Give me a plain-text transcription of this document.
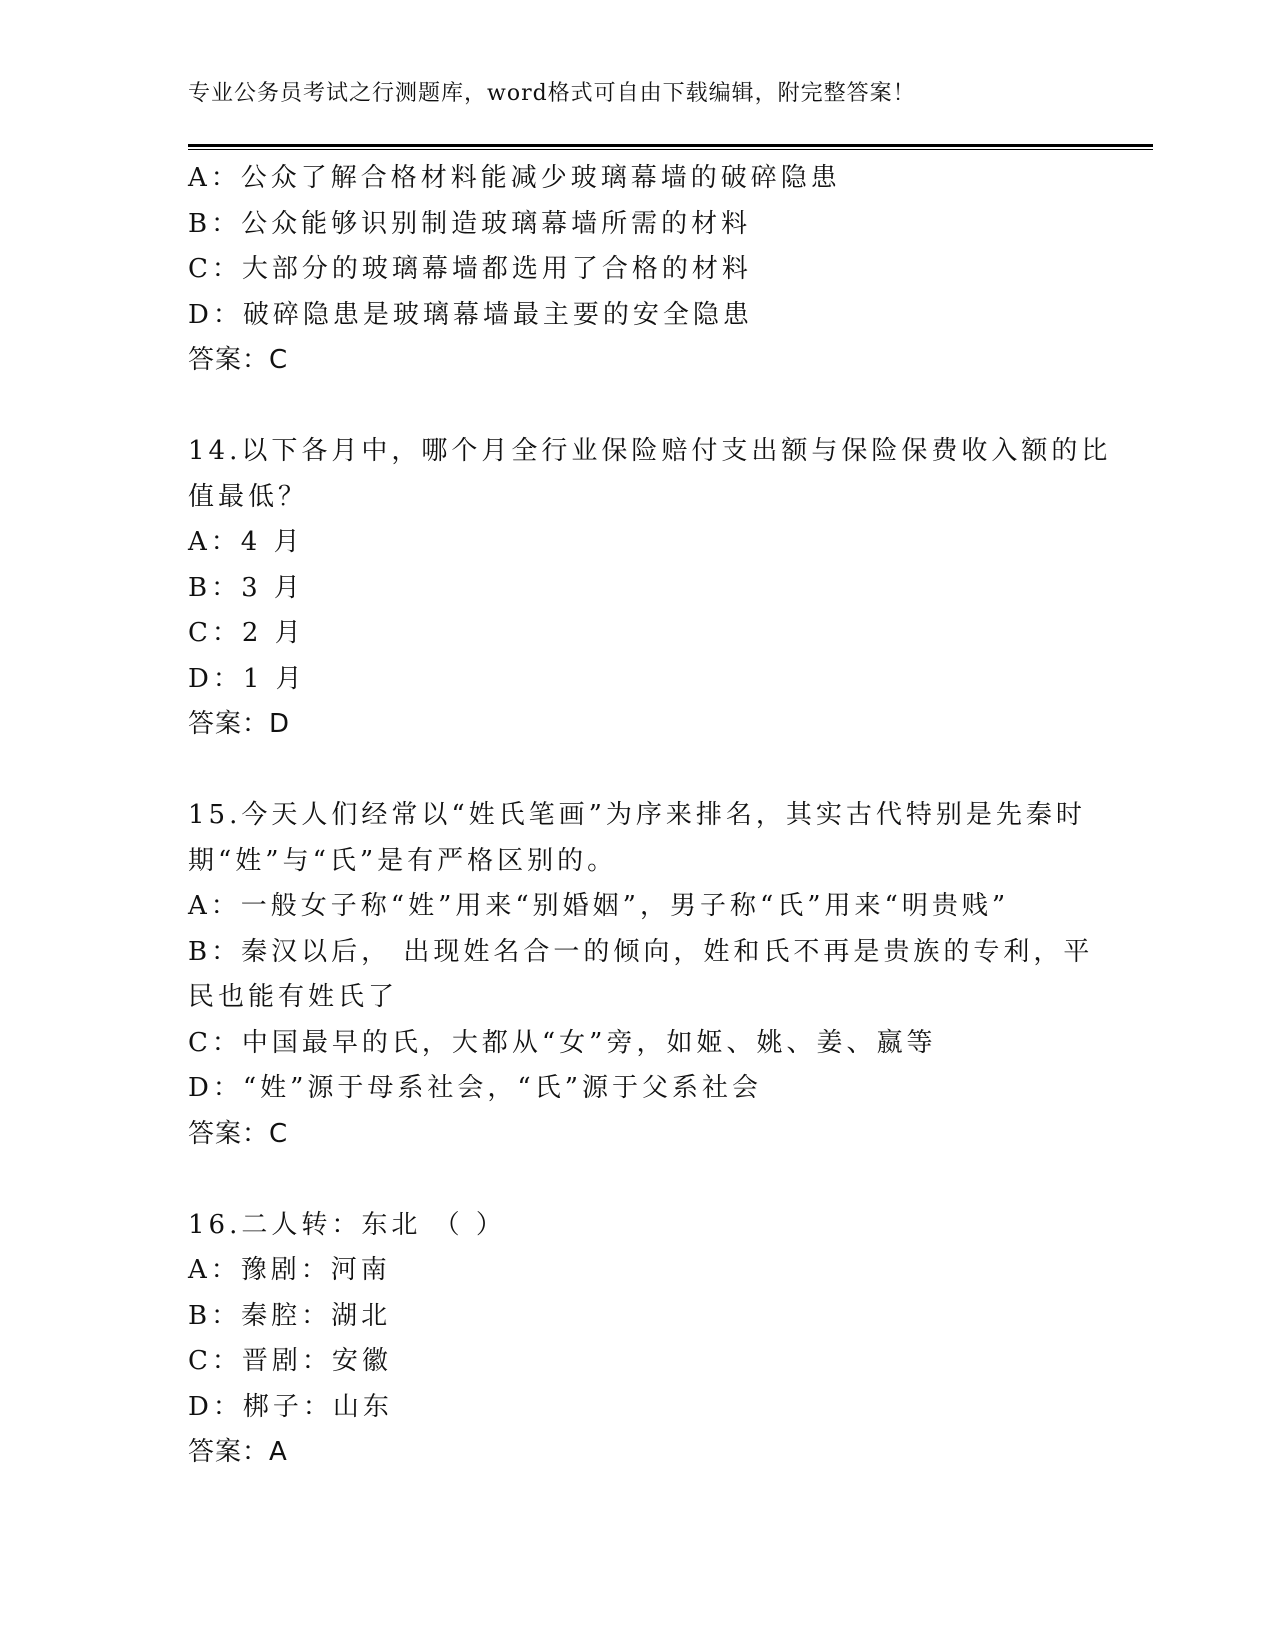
专业公务员考试之行测题库，word格式可自由下载编辑，附完整答案！
A：公众了解合格材料能减少玻璃幕墙的破碎隐患
B：公众能够识别制造玻璃幕墙所需的材料
C：大部分的玻璃幕墙都选用了合格的材料
D：破碎隐患是玻璃幕墙最主要的安全隐患
答案：C
14.以下各月中，哪个月全行业保险赔付支出额与保险保费收入额的比
值最低？
A：4 月
B：3 月
C：2 月
D：1 月
答案：D
15.今天人们经常以“姓氏笔画”为序来排名，其实古代特别是先秦时
期“姓”与“氏”是有严格区别的。
A：一般女子称“姓”用来“别婚姻”，男子称“氏”用来“明贵贱”
B：秦汉以后， 出现姓名合一的倾向，姓和氏不再是贵族的专利，平
民也能有姓氏了
C：中国最早的氏，大都从“女”旁，如姬、姚、姜、嬴等
D：“姓”源于母系社会，“氏”源于父系社会
答案：C
16.二人转：东北 （ ）
A：豫剧：河南
B：秦腔：湖北
C：晋剧：安徽
D：梆子：山东
答案：A
